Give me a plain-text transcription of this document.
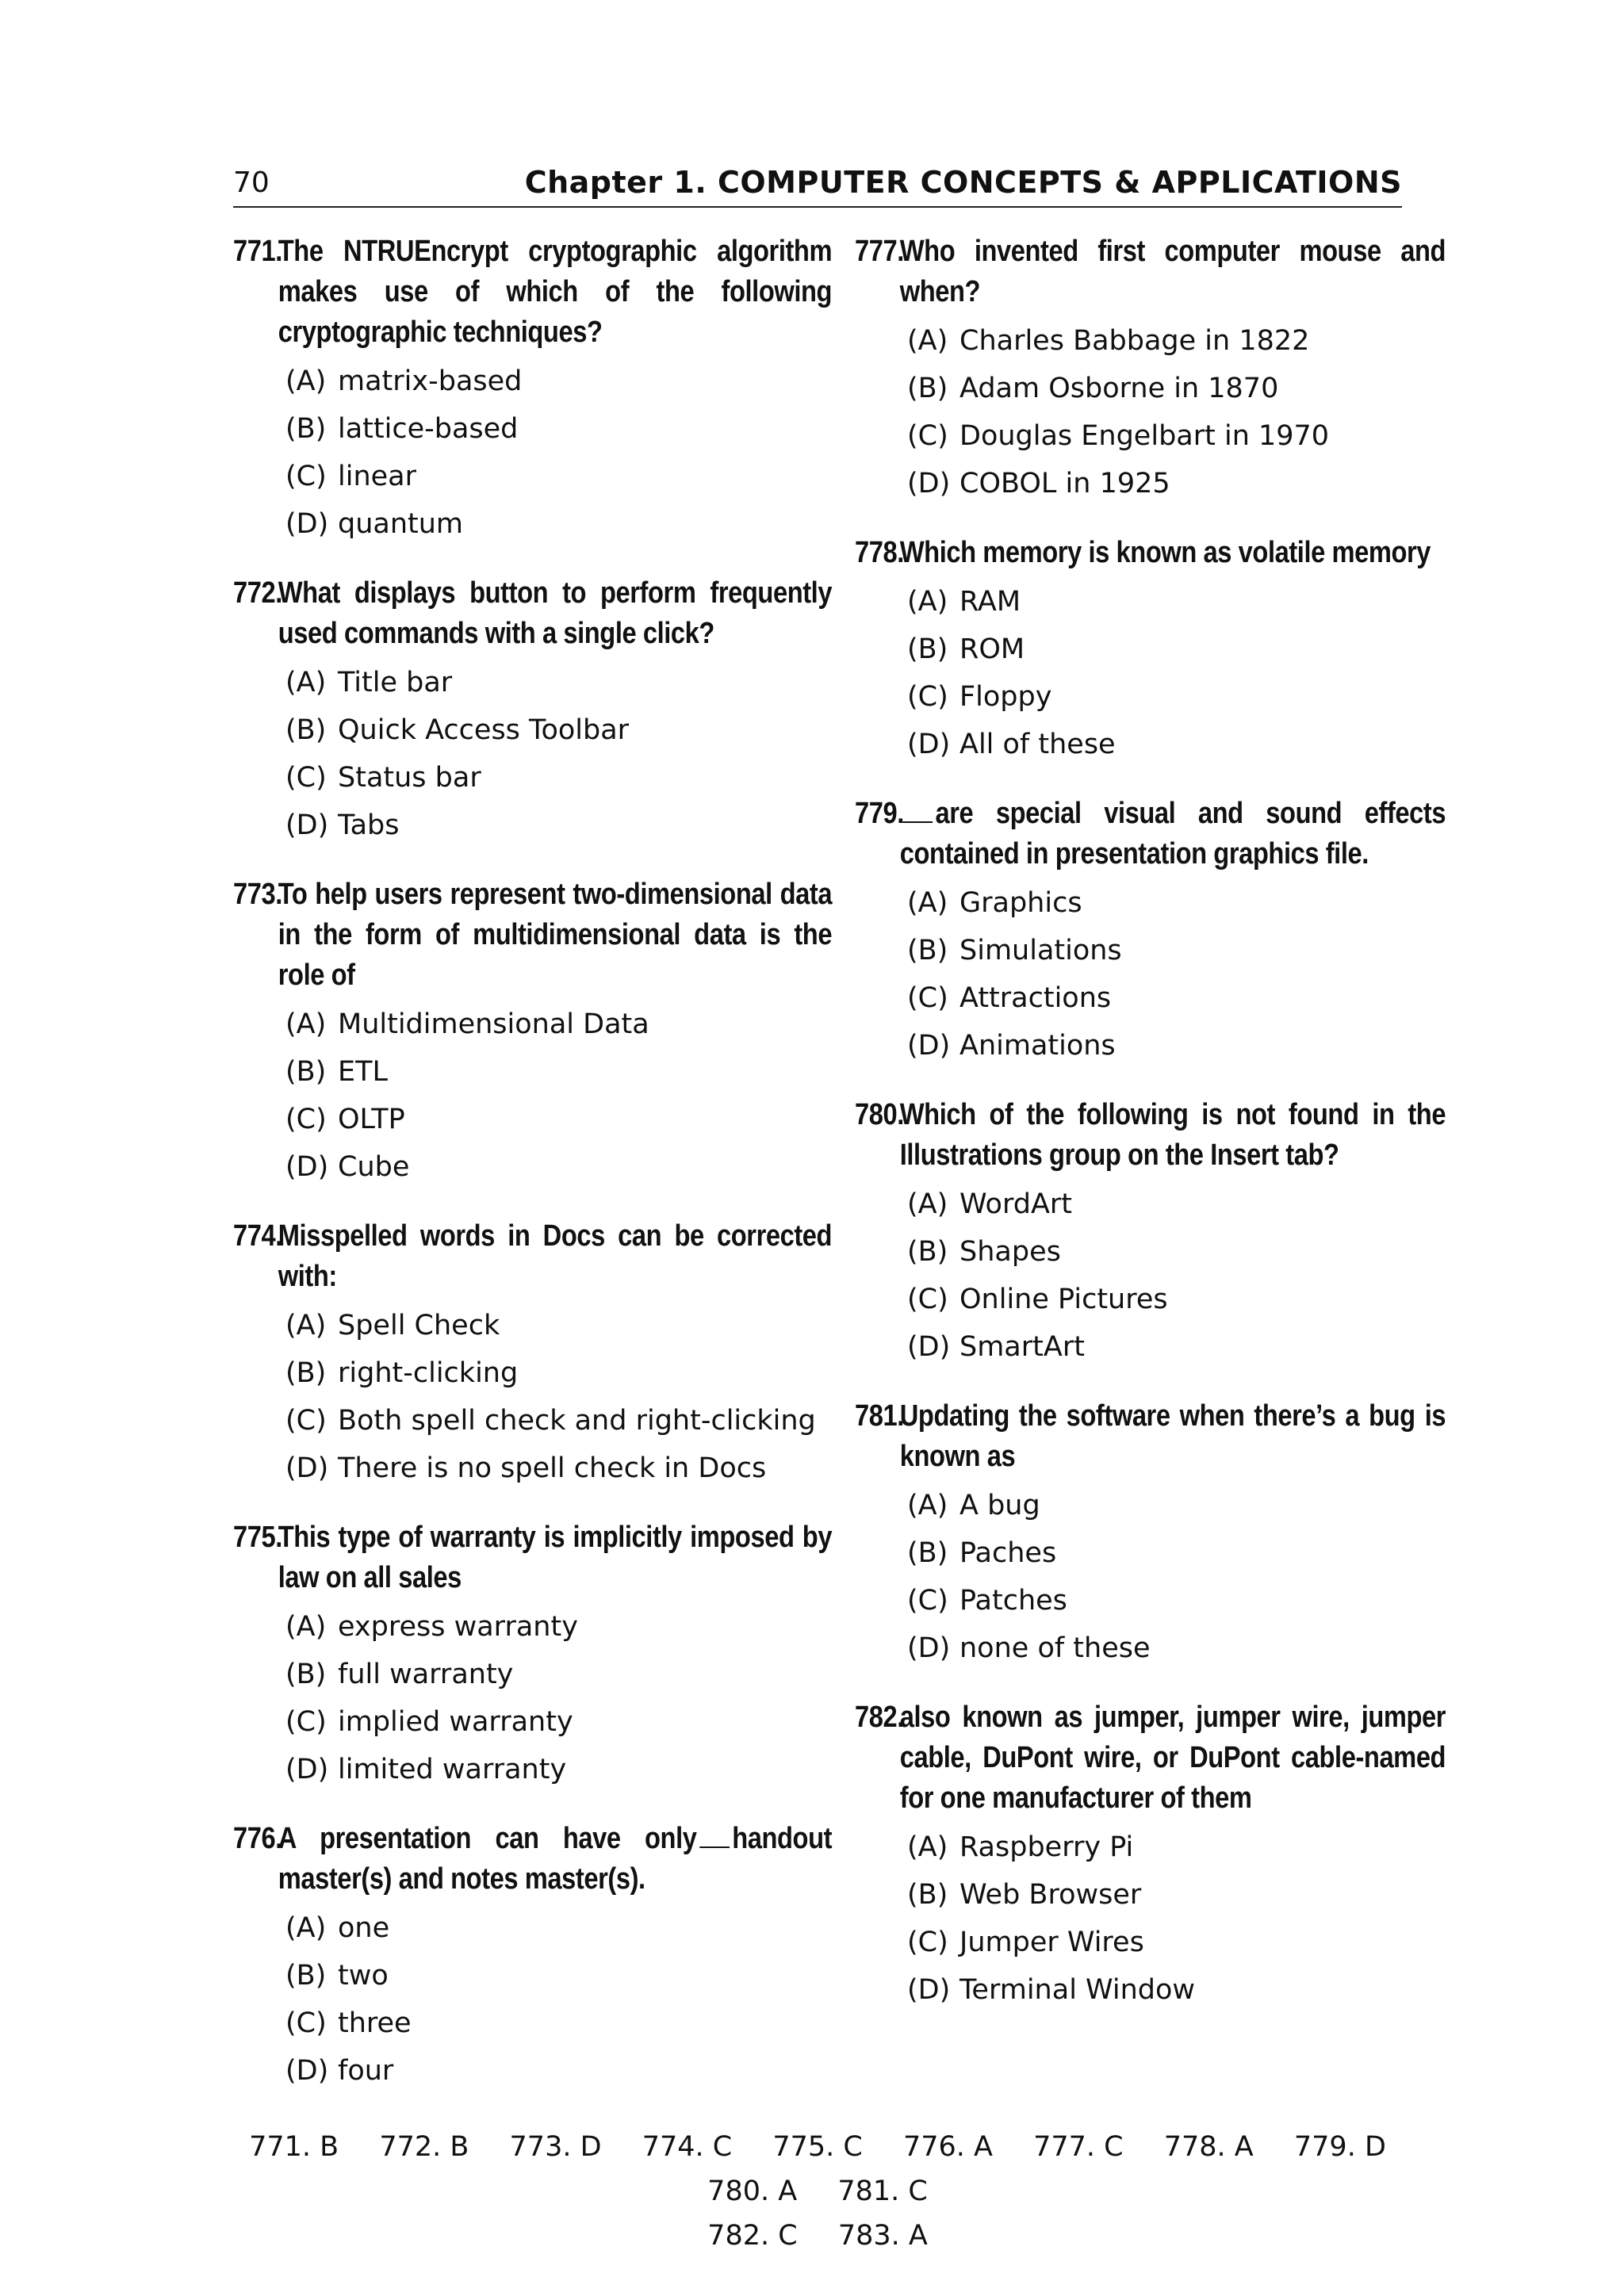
70	Chapter 1. COMPUTER CONCEPTS & APPLICATIONS
771.The NTRUEncrypt cryptographic algorithm makes use of which of the following cryptographic techniques?
(A) matrix-based
(B) lattice-based
(C) linear
(D) quantum
772.What displays button to perform frequently used commands with a single click?
(A) Title bar
(B) Quick Access Toolbar
(C) Status bar
(D) Tabs
773.To help users represent two-dimensional data in the form of multidimensional data is the role of
(A) Multidimensional Data
(B) ETL
(C) OLTP
(D) Cube
774.Misspelled words in Docs can be corrected with:
(A) Spell Check
(B) right-clicking
(C) Both spell check and right-clicking
(D) There is no spell check in Docs
775.This type of warranty is implicitly imposed by law on all sales
(A) express warranty
(B) full warranty
(C) implied warranty
(D) limited warranty
776.A presentation can have only handout master(s) and notes master(s).
(A) one
(B) two
(C) three
(D) four
777.Who invented first computer mouse and when?
(A) Charles Babbage in 1822
(B) Adam Osborne in 1870
(C) Douglas Engelbart in 1970
(D) COBOL in 1925
778.Which memory is known as volatile memory
(A) RAM
(B) ROM
(C) Floppy
(D) All of these
779. are special visual and sound effects contained in presentation graphics file.
(A) Graphics
(B) Simulations
(C) Attractions
(D) Animations
780.Which of the following is not found in the Illustrations group on the Insert tab?
(A) WordArt
(B) Shapes
(C) Online Pictures
(D) SmartArt
781.Updating the software when there’s a bug is known as
(A) A bug
(B) Paches
(C) Patches
(D) none of these
782.also known as jumper, jumper wire, jumper cable, DuPont wire, or DuPont cable-named for one manufacturer of them
(A) Raspberry Pi
(B) Web Browser
(C) Jumper Wires
(D) Terminal Window
771. B 772. B 773. D 774. C 775. C 776. A 777. C 778. A 779. D 780. A 781. C
782. C 783. A
